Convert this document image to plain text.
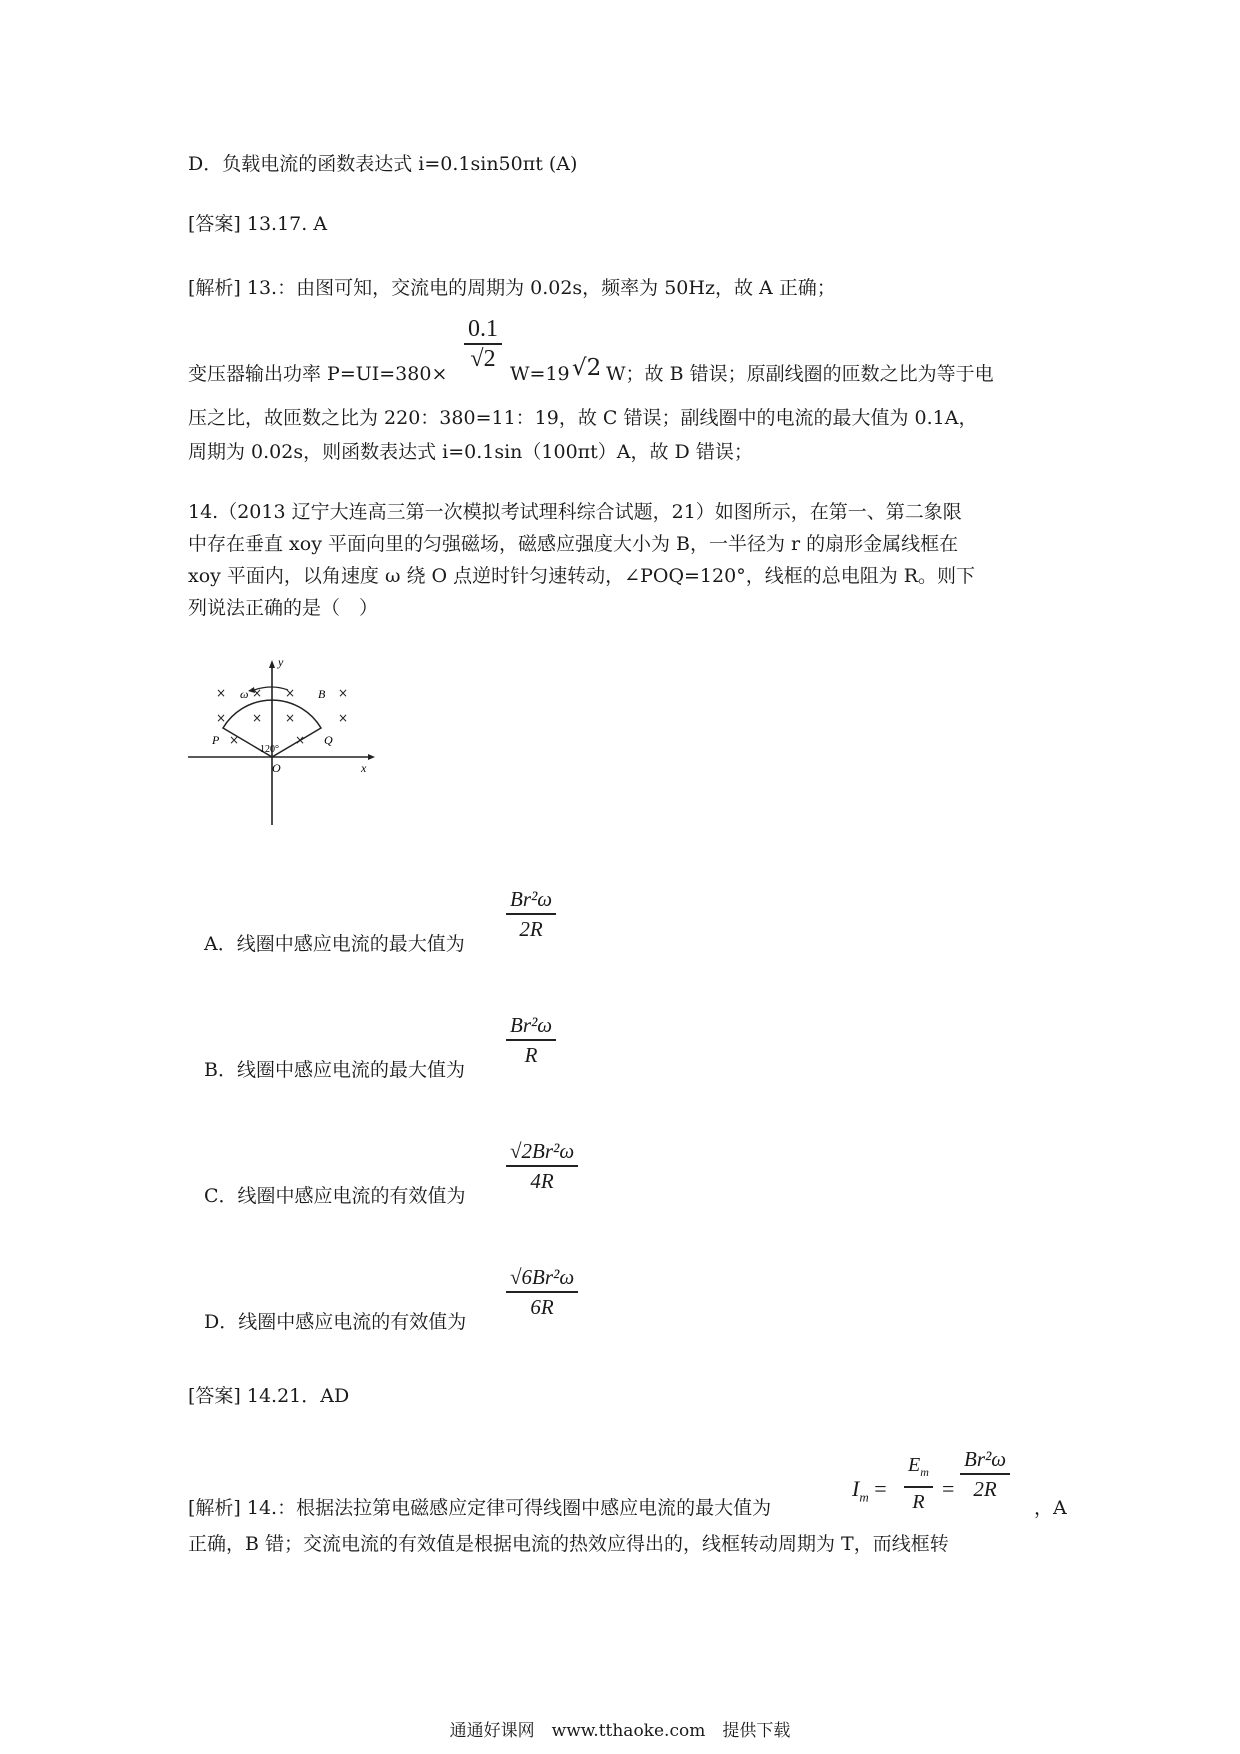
D．负载电流的函数表达式 i=0.1sin50πt (A)
[答案] 13.17. A
[解析] 13.：由图可知，交流电的周期为 0.02s，频率为 50Hz，故 A 正确；
变压器输出功率 P=UI=380×
0.1
√2
W=19 √2 W；故 B 错误；原副线圈的匝数之比为等于电
压之比，故匝数之比为 220：380=11：19，故 C 错误；副线圈中的电流的最大值为 0.1A，
周期为 0.02s，则函数表达式 i=0.1sin（100πt）A，故 D 错误；
14.（2013 辽宁大连高三第一次模拟考试理科综合试题，21）如图所示，在第一、第二象限
中存在垂直 xoy 平面向里的匀强磁场，磁感应强度大小为 B，一半径为 r 的扇形金属线框在
xoy 平面内，以角速度 ω 绕 O 点逆时针匀速转动，∠POQ=120°，线框的总电阻为 R。则下
列说法正确的是（　）
y
x
O
P	Q
120°
ω	B
× × ×	×
× × ×	×
×	×
A．线圈中感应电流的最大值为
Br²ω
2R
B．线圈中感应电流的最大值为
Br²ω
R
C．线圈中感应电流的有效值为
√2Br²ω
4R
D．线圈中感应电流的有效值为
√6Br²ω
6R
[答案] 14.21．AD
[解析] 14.：根据法拉第电磁感应定律可得线圈中感应电流的最大值为
$I_m$ =
$E_m$
R
=
Br²ω
2R
，A
正确，B 错；交流电流的有效值是根据电流的热效应得出的，线框转动周期为 T，而线框转
通通好课网　www.tthaoke.com　提供下载
